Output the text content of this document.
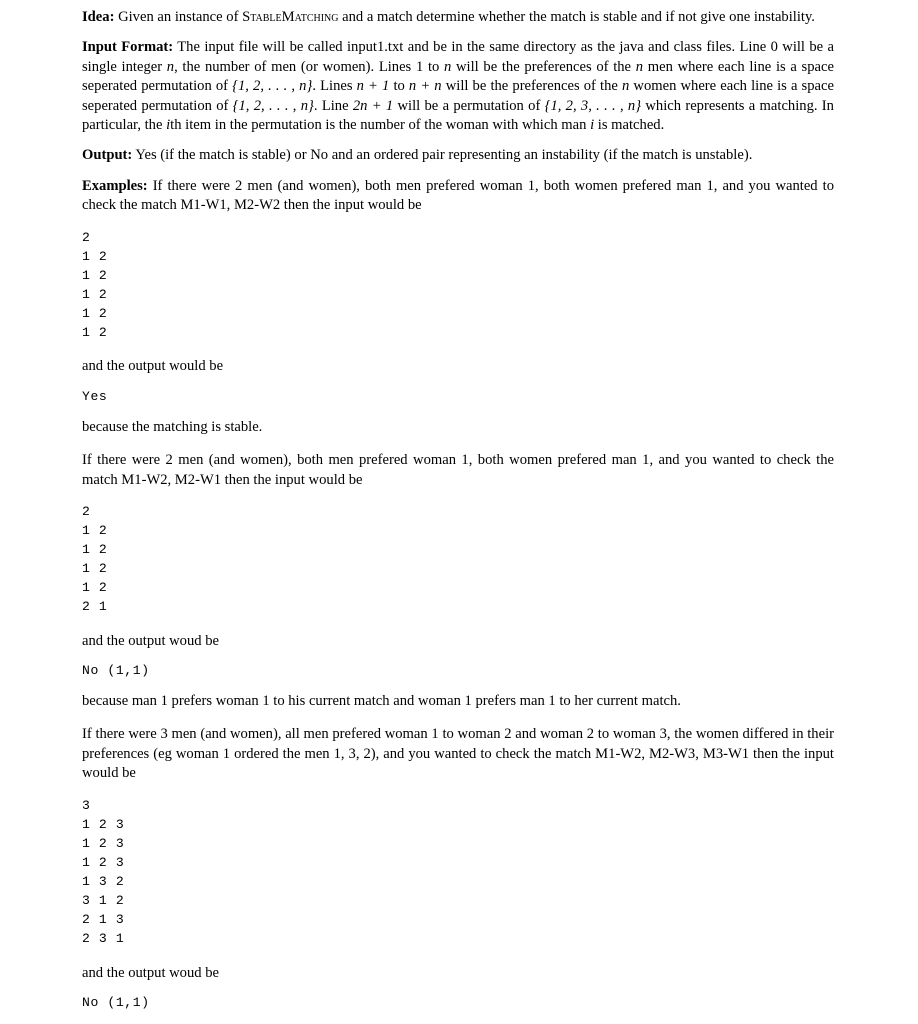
Idea: Given an instance of StableMatching and a match determine whether the match is stable and if not give one instability.

Input Format: The input file will be called input1.txt and be in the same directory as the java and class files. Line 0 will be a single integer n, the number of men (or women). Lines 1 to n will be the preferences of the n men where each line is a space seperated permutation of {1, 2, . . . , n}. Lines n + 1 to n + n will be the preferences of the n women where each line is a space seperated permutation of {1, 2, . . . , n}. Line 2n + 1 will be a permutation of {1, 2, 3, . . . , n} which represents a matching. In particular, the ith item in the permutation is the number of the woman with which man i is matched.

Output: Yes (if the match is stable) or No and an ordered pair representing an instability (if the match is unstable).

Examples: If there were 2 men (and women), both men prefered woman 1, both women prefered man 1, and you wanted to check the match M1-W1, M2-W2 then the input would be

2
1 2
1 2
1 2
1 2
1 2

and the output would be

Yes

because the matching is stable.

If there were 2 men (and women), both men prefered woman 1, both women prefered man 1, and you wanted to check the match M1-W2, M2-W1 then the input would be

2
1 2
1 2
1 2
1 2
2 1

and the output woud be

No (1,1)

because man 1 prefers woman 1 to his current match and woman 1 prefers man 1 to her current match.

If there were 3 men (and women), all men prefered woman 1 to woman 2 and woman 2 to woman 3, the women differed in their preferences (eg woman 1 ordered the men 1, 3, 2), and you wanted to check the match M1-W2, M2-W3, M3-W1 then the input would be

3
1 2 3
1 2 3
1 2 3
1 3 2
3 1 2
2 1 3
2 3 1

and the output woud be

No (1,1)
